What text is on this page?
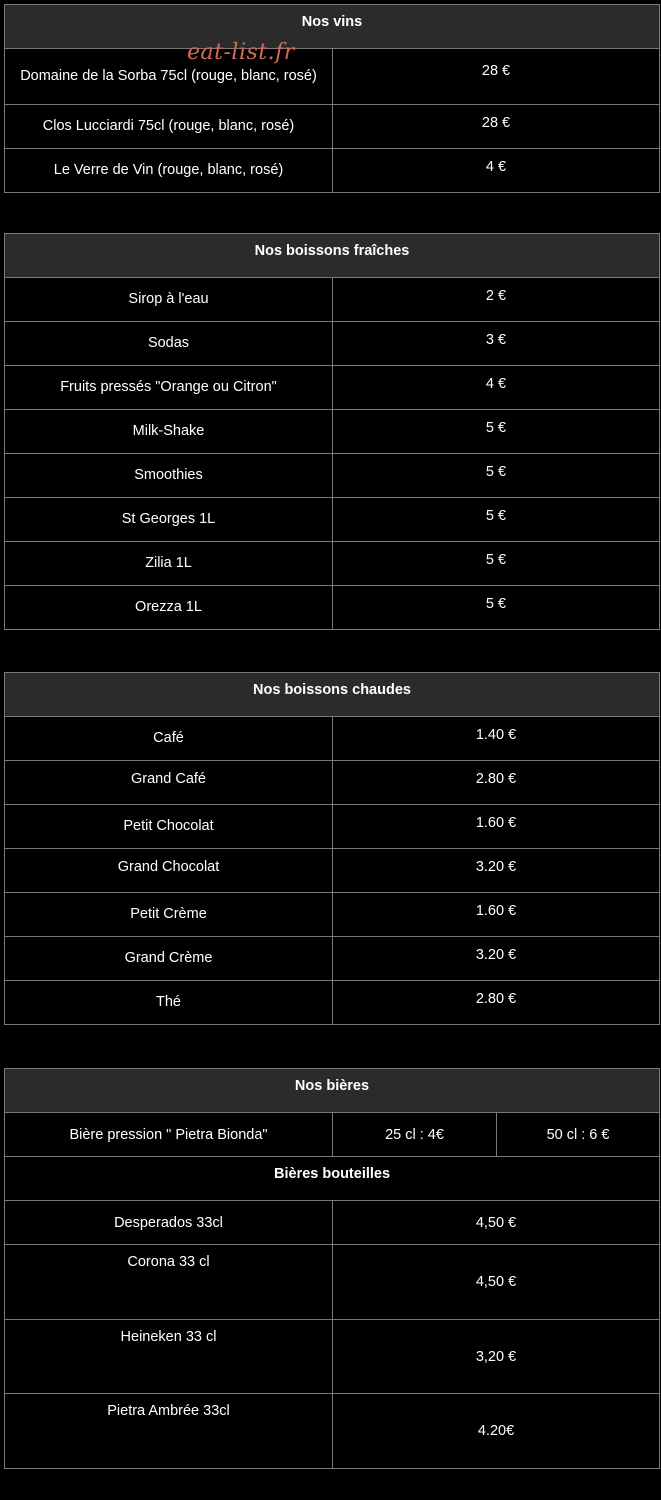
Nos vins	
Domaine de la Sorba 75cl (rouge, blanc, rosé)	28 €
Clos Lucciardi 75cl (rouge, blanc, rosé)	28 €
Le Verre de Vin (rouge, blanc, rosé)	4 €
eat-list.fr
Nos boissons fraîches	
Sirop à l'eau	2 €
Sodas	3 €
Fruits pressés "Orange ou Citron"	4 €
Milk-Shake	5 €
Smoothies	5 €
St Georges 1L	5 €
Zilia 1L	5 €
Orezza 1L	5 €
Nos boissons chaudes	
Café	1.40 €
Grand Café	2.80 €
Petit Chocolat	1.60 €
Grand Chocolat	3.20 €
Petit Crème	1.60 €
Grand Crème	3.20 €
Thé	2.80 €
Nos bières		
Bière pression " Pietra Bionda"	25 cl : 4€	50 cl : 6 €
Bières bouteilles		
Desperados 33cl	4,50 €	
Corona 33 cl	4,50 €	
Heineken 33 cl	3,20 €	
Pietra Ambrée 33cl	4.20€	
